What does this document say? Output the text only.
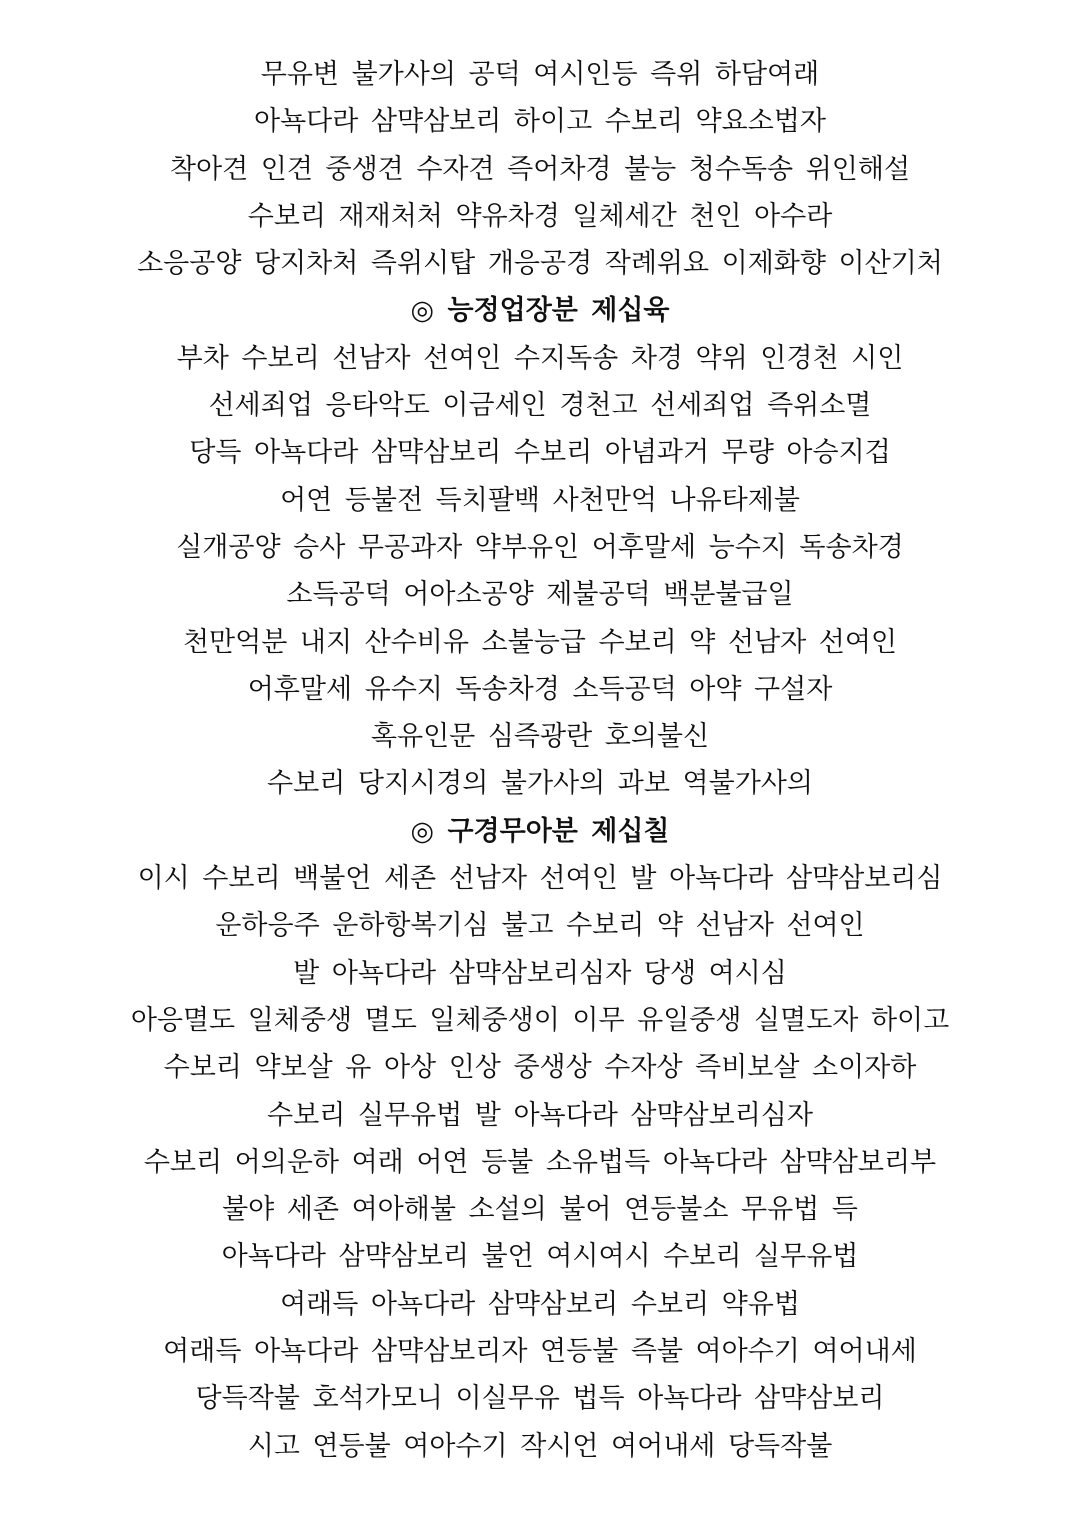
무유변 불가사의 공덕 여시인등 즉위 하담여래
아뇩다라 삼먁삼보리 하이고 수보리 약요소법자
착아견 인견 중생견 수자견 즉어차경 불능 청수독송 위인해설
수보리 재재처처 약유차경 일체세간 천인 아수라
소응공양 당지차처 즉위시탑 개응공경 작례위요 이제화향 이산기처
◎ 능정업장분 제십육
부차 수보리 선남자 선여인 수지독송 차경 약위 인경천 시인
선세죄업 응타악도 이금세인 경천고 선세죄업 즉위소멸
당득 아뇩다라 삼먁삼보리 수보리 아념과거 무량 아승지겁
어연 등불전 득치팔백 사천만억 나유타제불
실개공양 승사 무공과자 약부유인 어후말세 능수지 독송차경
소득공덕 어아소공양 제불공덕 백분불급일
천만억분 내지 산수비유 소불능급 수보리 약 선남자 선여인
어후말세 유수지 독송차경 소득공덕 아약 구설자
혹유인문 심즉광란 호의불신
수보리 당지시경의 불가사의 과보 역불가사의
◎ 구경무아분 제십칠
이시 수보리 백불언 세존 선남자 선여인 발 아뇩다라 삼먁삼보리심
운하응주 운하항복기심 불고 수보리 약 선남자 선여인
발 아뇩다라 삼먁삼보리심자 당생 여시심
아응멸도 일체중생 멸도 일체중생이 이무 유일중생 실멸도자 하이고
수보리 약보살 유 아상 인상 중생상 수자상 즉비보살 소이자하
수보리 실무유법 발 아뇩다라 삼먁삼보리심자
수보리 어의운하 여래 어연 등불 소유법득 아뇩다라 삼먁삼보리부
불야 세존 여아해불 소설의 불어 연등불소 무유법 득
아뇩다라 삼먁삼보리 불언 여시여시 수보리 실무유법
여래득 아뇩다라 삼먁삼보리 수보리 약유법
여래득 아뇩다라 삼먁삼보리자 연등불 즉불 여아수기 여어내세
당득작불 호석가모니 이실무유 법득 아뇩다라 삼먁삼보리
시고 연등불 여아수기 작시언 여어내세 당득작불
